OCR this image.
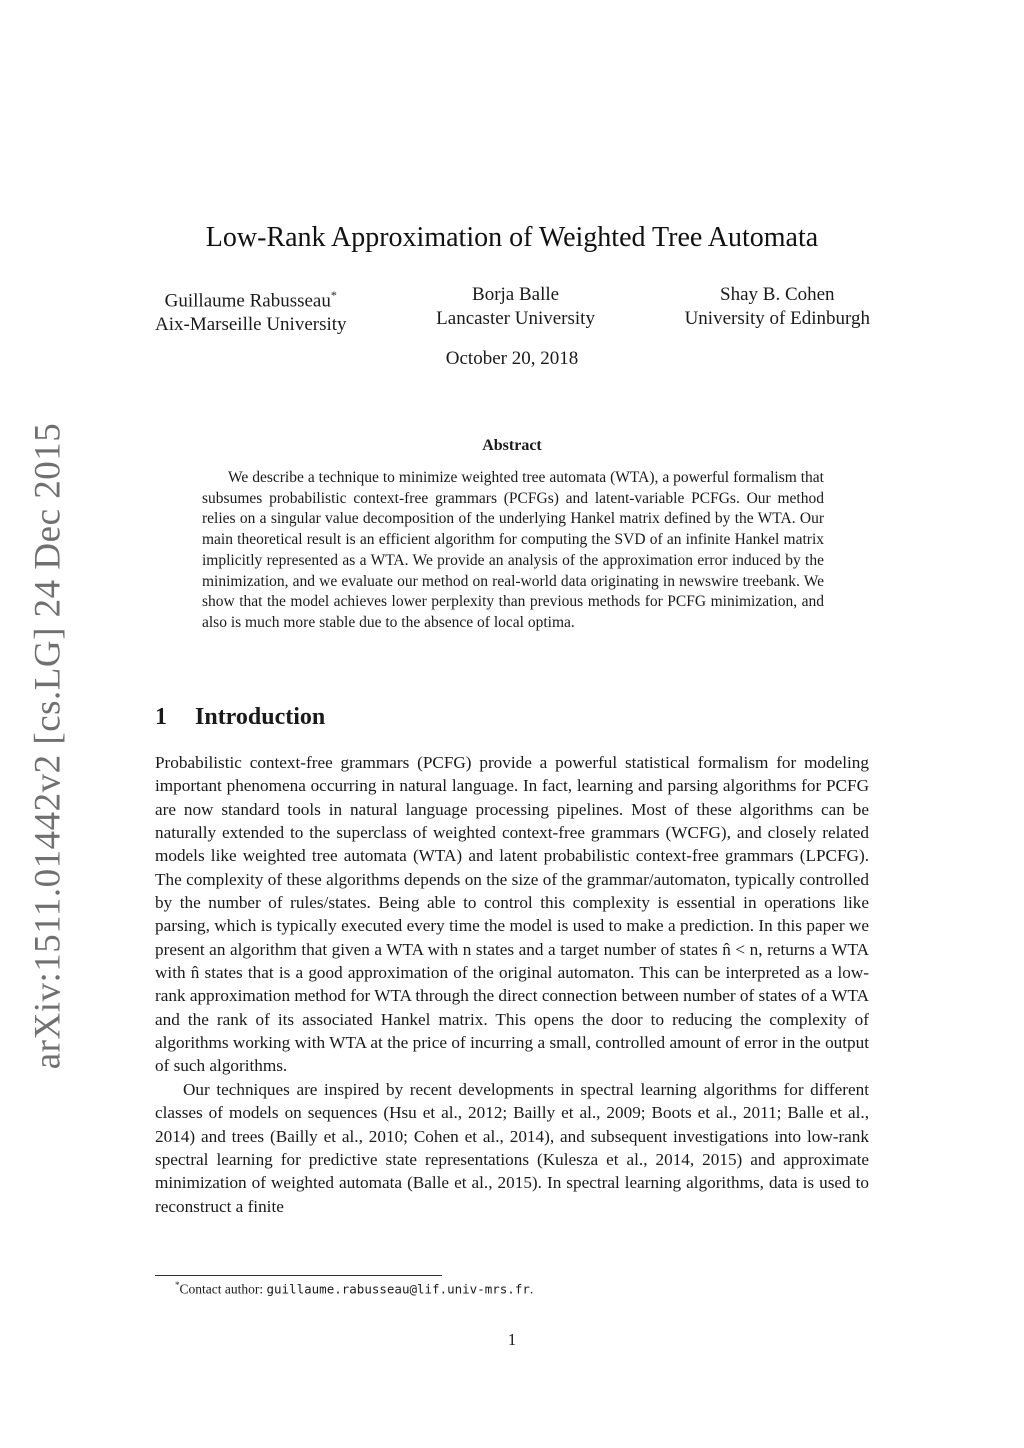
arXiv:1511.01442v2 [cs.LG] 24 Dec 2015
Low-Rank Approximation of Weighted Tree Automata
Guillaume Rabusseau*
Aix-Marseille University
Borja Balle
Lancaster University
Shay B. Cohen
University of Edinburgh
October 20, 2018
Abstract
We describe a technique to minimize weighted tree automata (WTA), a powerful formalism that subsumes probabilistic context-free grammars (PCFGs) and latent-variable PCFGs. Our method relies on a singular value decomposition of the underlying Hankel matrix defined by the WTA. Our main theoretical result is an efficient algorithm for computing the SVD of an infinite Hankel matrix implicitly represented as a WTA. We provide an analysis of the approximation error induced by the minimization, and we evaluate our method on real-world data originating in newswire treebank. We show that the model achieves lower perplexity than previous methods for PCFG minimization, and also is much more stable due to the absence of local optima.
1 Introduction

Probabilistic context-free grammars (PCFG) provide a powerful statistical formalism for modeling important phenomena occurring in natural language. In fact, learning and parsing algorithms for PCFG are now standard tools in natural language processing pipelines. Most of these algorithms can be naturally extended to the superclass of weighted context-free grammars (WCFG), and closely related models like weighted tree automata (WTA) and latent probabilistic context-free grammars (LPCFG). The complexity of these algorithms depends on the size of the grammar/automaton, typically controlled by the number of rules/states. Being able to control this complexity is essential in operations like parsing, which is typically executed every time the model is used to make a prediction. In this paper we present an algorithm that given a WTA with n states and a target number of states n̂ < n, returns a WTA with n̂ states that is a good approximation of the original automaton. This can be interpreted as a low-rank approximation method for WTA through the direct connection between number of states of a WTA and the rank of its associated Hankel matrix. This opens the door to reducing the complexity of algorithms working with WTA at the price of incurring a small, controlled amount of error in the output of such algorithms.

Our techniques are inspired by recent developments in spectral learning algorithms for different classes of models on sequences (Hsu et al., 2012; Bailly et al., 2009; Boots et al., 2011; Balle et al., 2014) and trees (Bailly et al., 2010; Cohen et al., 2014), and subsequent investigations into low-rank spectral learning for predictive state representations (Kulesza et al., 2014, 2015) and approximate minimization of weighted automata (Balle et al., 2015). In spectral learning algorithms, data is used to reconstruct a finite

*Contact author: guillaume.rabusseau@lif.univ-mrs.fr.
1
